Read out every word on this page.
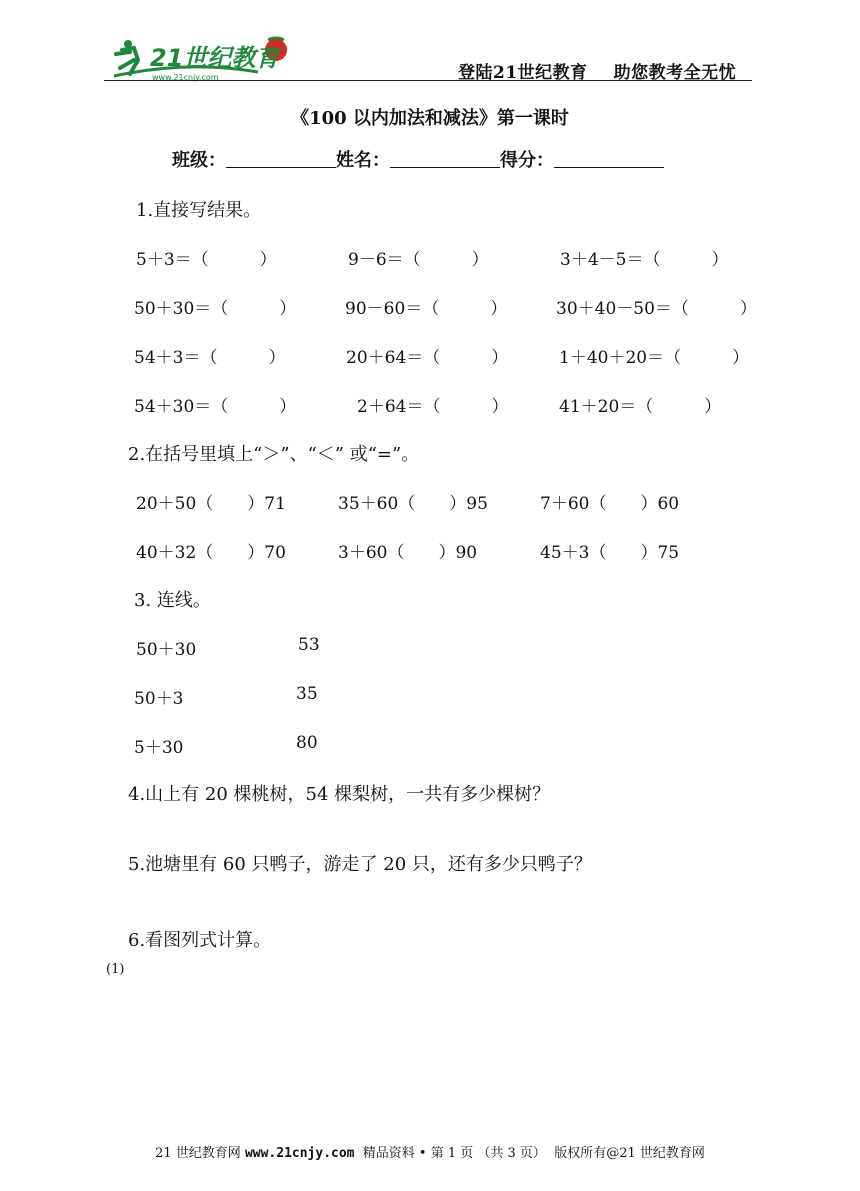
21世纪教育
www.21cnjy.com	登陆21世纪教育 助您教考全无忧
《100 以内加法和减法》第一课时
班级：	姓名：	得分：
1.直接写结果。
5＋3＝（　　　）	9－6＝（　　　）	3＋4－5＝（　　　）
50＋30＝（　　　）	90－60＝（　　　）	30＋40－50＝（　　　）
54＋3＝（　　　）	20＋64＝（　　　）	1＋40＋20＝（　　　）
54＋30＝（　　　）	2＋64＝（　　　）	41＋20＝（　　　）
2.在括号里填上“＞”、“＜” 或“=”。
20＋50（　　）71	35＋60（　　）95	7＋60（　　）60
40＋32（　　）70	3＋60（　　）90	45＋3（　　）75
3. 连线。
50＋30	53
50＋3	35
5＋30	80
4.山上有 20 棵桃树，54 棵梨树，一共有多少棵树？
5.池塘里有 60 只鸭子，游走了 20 只，还有多少只鸭子？
6.看图列式计算。
(1)
21 世纪教育网 www.21cnjy.com 精品资料 • 第 1 页 （共 3 页） 版权所有@21 世纪教育网
